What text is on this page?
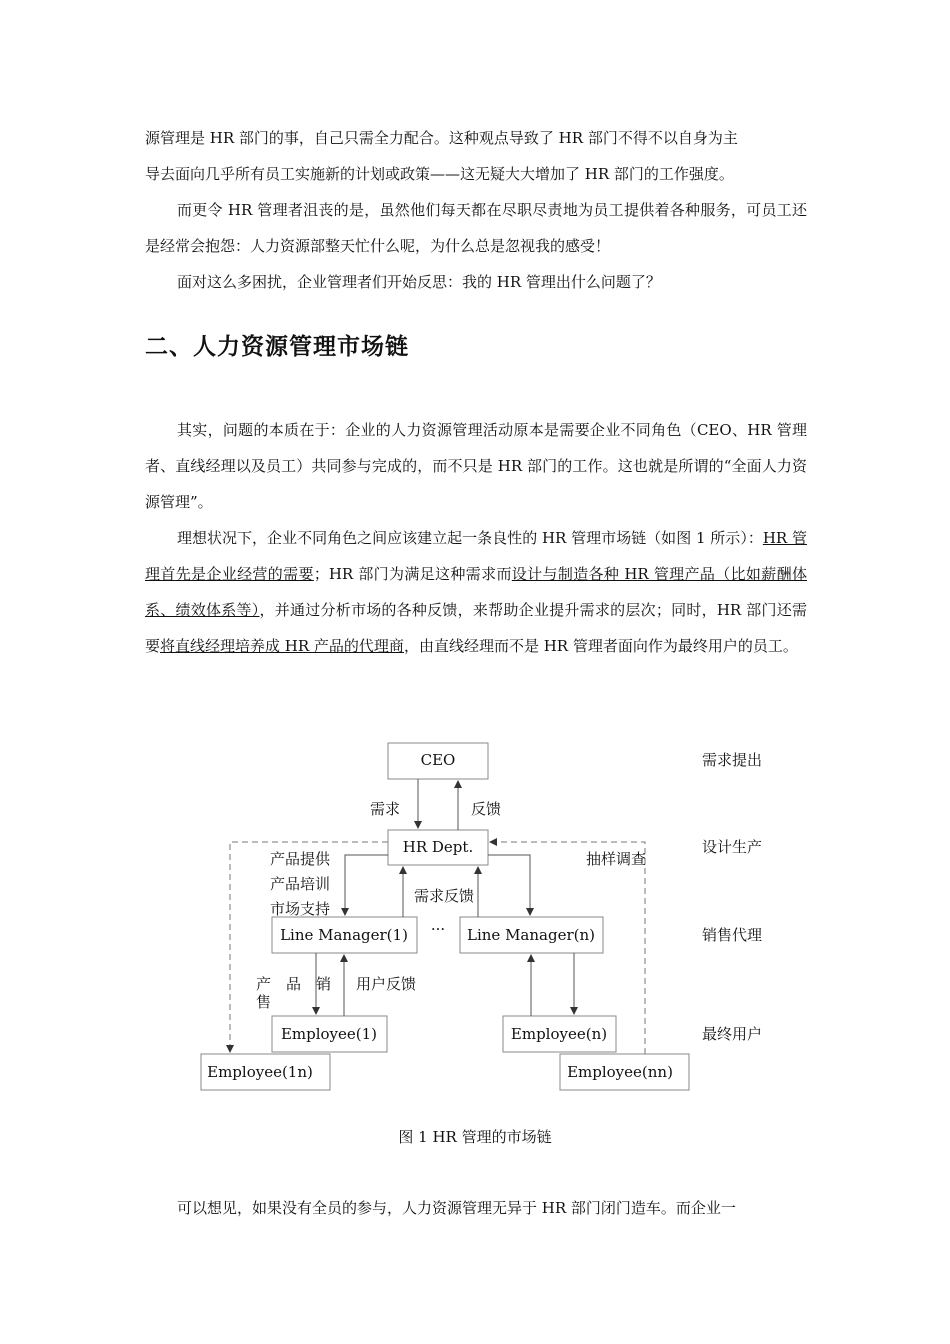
源管理是 HR 部门的事，自己只需全力配合。这种观点导致了 HR 部门不得不以自身为主

导去面向几乎所有员工实施新的计划或政策——这无疑大大增加了 HR 部门的工作强度。

而更令 HR 管理者沮丧的是，虽然他们每天都在尽职尽责地为员工提供着各种服务，可员工还是经常会抱怨：人力资源部整天忙什么呢，为什么总是忽视我的感受！

面对这么多困扰，企业管理者们开始反思：我的 HR 管理出什么问题了？

二、人力资源管理市场链

其实，问题的本质在于：企业的人力资源管理活动原本是需要企业不同角色（CEO、HR 管理者、直线经理以及员工）共同参与完成的，而不只是 HR 部门的工作。这也就是所谓的“全面人力资源管理”。

理想状况下，企业不同角色之间应该建立起一条良性的 HR 管理市场链（如图 1 所示）：HR 管理首先是企业经营的需要；HR 部门为满足这种需求而设计与制造各种 HR 管理产品（比如薪酬体系、绩效体系等），并通过分析市场的各种反馈，来帮助企业提升需求的层次；同时，HR 部门还需要将直线经理培养成 HR 产品的代理商，由直线经理而不是 HR 管理者面向作为最终用户的员工。

CEO
HR Dept.
Line Manager(1)	Line Manager(n)
Employee(1)	Employee(n)
Employee(1n)	Employee(nn)
需求	反馈
产品提供
产品培训
市场支持
需求反馈
抽样调查
产　品　销
售
用户反馈
···
需求提出
设计生产
销售代理
最终用户
图 1 HR 管理的市场链

可以想见，如果没有全员的参与，人力资源管理无异于 HR 部门闭门造车。而企业一
